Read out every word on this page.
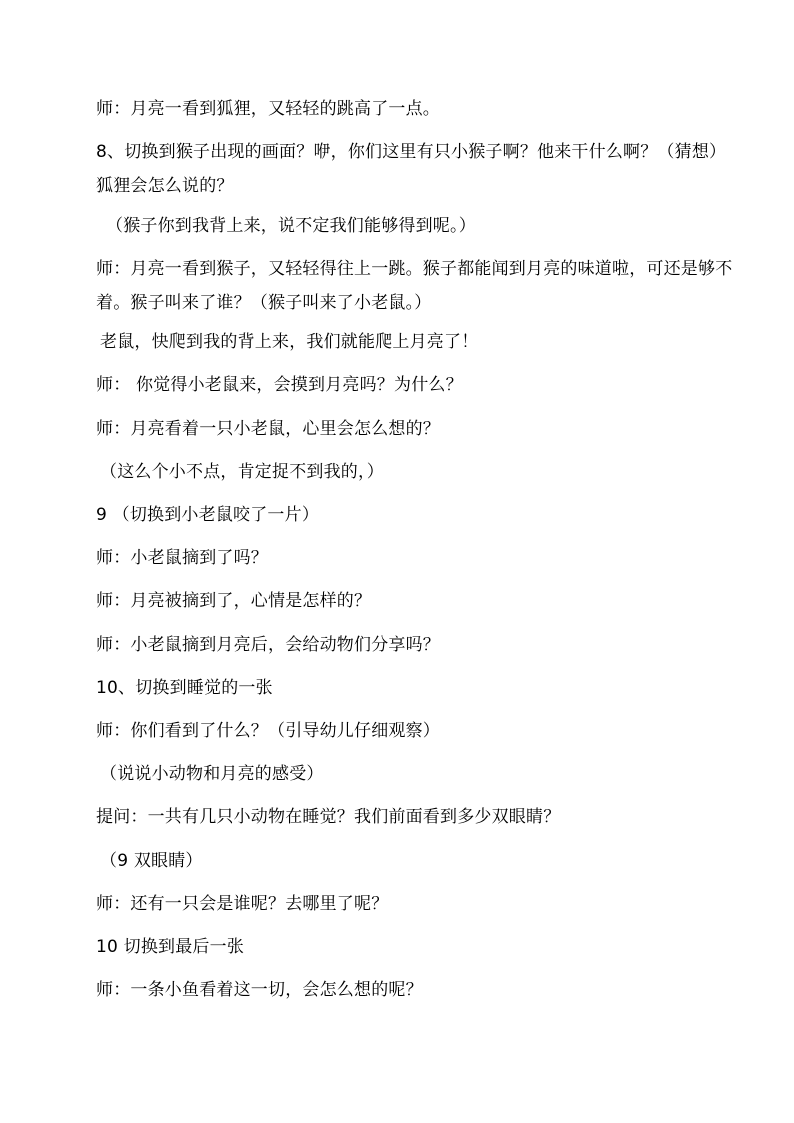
师：月亮一看到狐狸，又轻轻的跳高了一点。
8、切换到猴子出现的画面？咿，你们这里有只小猴子啊？他来干什么啊？（猜想）狐狸会怎么说的？
（猴子你到我背上来，说不定我们能够得到呢。）
师：月亮一看到猴子，又轻轻得往上一跳。猴子都能闻到月亮的味道啦，可还是够不着。猴子叫来了谁？（猴子叫来了小老鼠。）
老鼠，快爬到我的背上来，我们就能爬上月亮了！
师： 你觉得小老鼠来，会摸到月亮吗？为什么？
师：月亮看着一只小老鼠，心里会怎么想的？
（这么个小不点，肯定捉不到我的，）
9 （切换到小老鼠咬了一片）
师：小老鼠摘到了吗？
师：月亮被摘到了，心情是怎样的？
师：小老鼠摘到月亮后，会给动物们分享吗？
10、切换到睡觉的一张
师：你们看到了什么？（引导幼儿仔细观察）
（说说小动物和月亮的感受）
提问：一共有几只小动物在睡觉？我们前面看到多少双眼睛？
（9 双眼睛）
师：还有一只会是谁呢？去哪里了呢？
10 切换到最后一张
师：一条小鱼看着这一切，会怎么想的呢？
